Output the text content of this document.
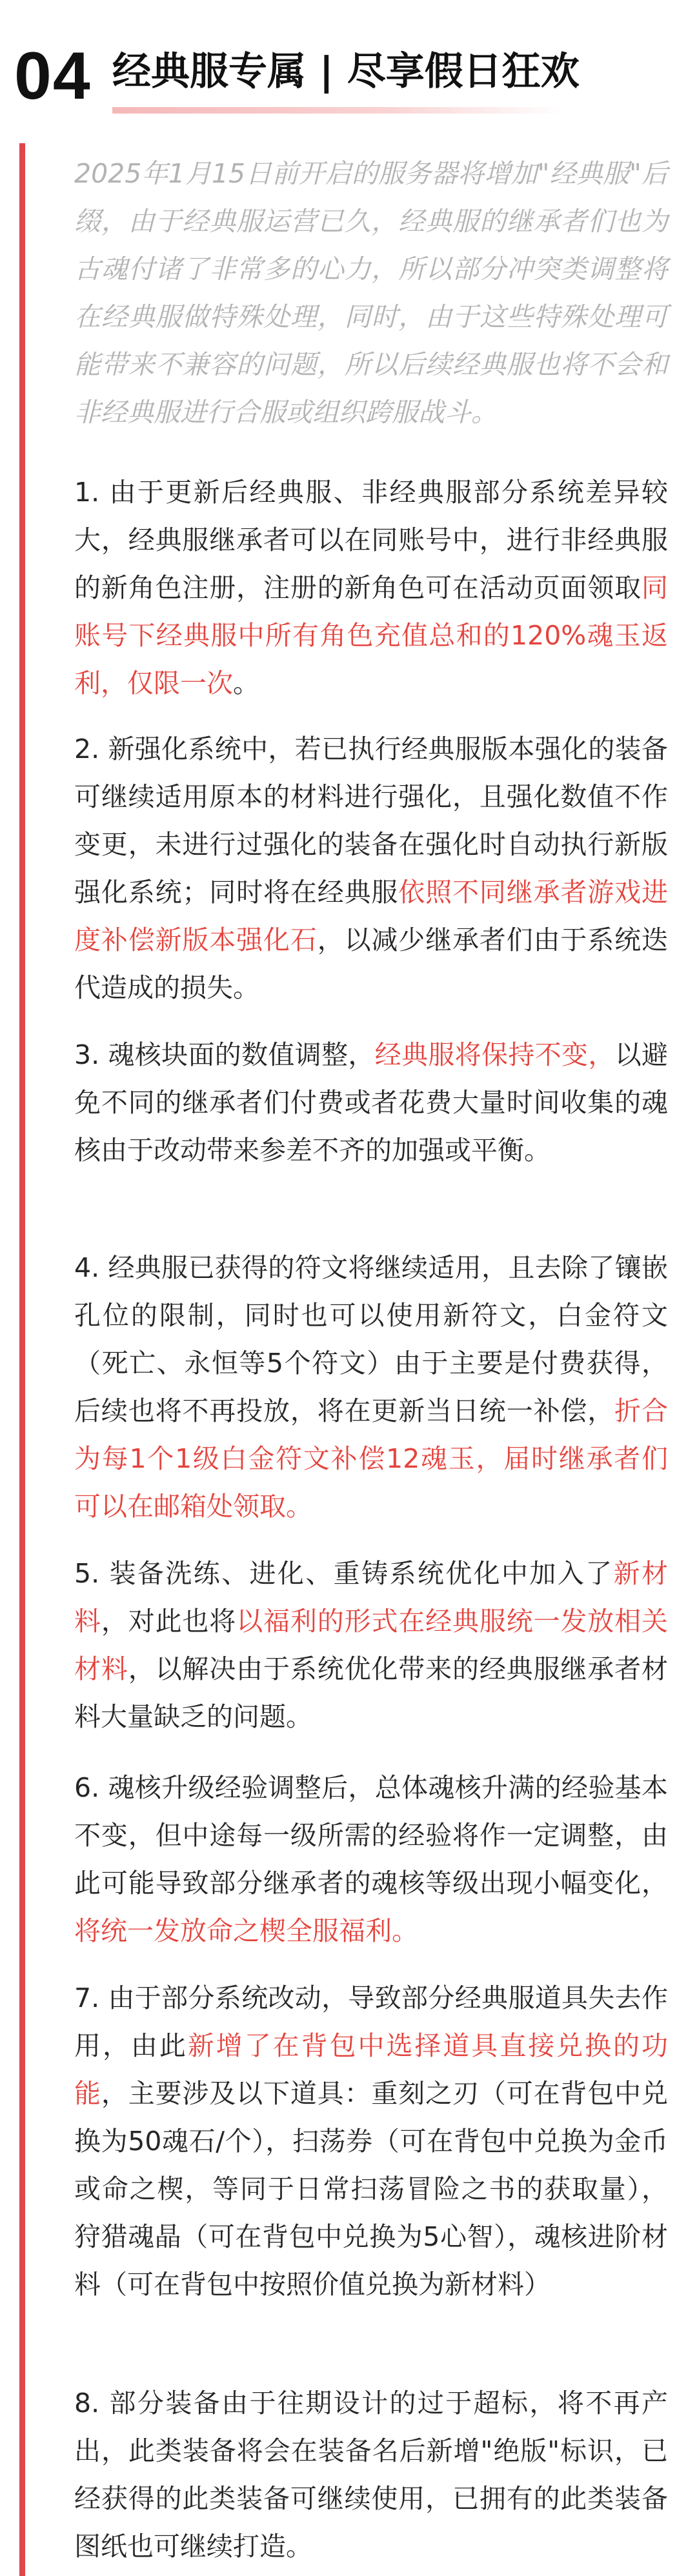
04 经典服专属 | 尽享假日狂欢

2025年1月15日前开启的服务器将增加"经典服"后缀，由于经典服运营已久，经典服的继承者们也为古魂付诸了非常多的心力，所以部分冲突类调整将在经典服做特殊处理，同时，由于这些特殊处理可能带来不兼容的问题，所以后续经典服也将不会和非经典服进行合服或组织跨服战斗。

1. 由于更新后经典服、非经典服部分系统差异较大，经典服继承者可以在同账号中，进行非经典服的新角色注册，注册的新角色可在活动页面领取同账号下经典服中所有角色充值总和的120%魂玉返利，仅限一次。

2. 新强化系统中，若已执行经典服版本强化的装备可继续适用原本的材料进行强化，且强化数值不作变更，未进行过强化的装备在强化时自动执行新版强化系统；同时将在经典服依照不同继承者游戏进度补偿新版本强化石，以减少继承者们由于系统迭代造成的损失。

3. 魂核块面的数值调整，经典服将保持不变，以避免不同的继承者们付费或者花费大量时间收集的魂核由于改动带来参差不齐的加强或平衡。

4. 经典服已获得的符文将继续适用，且去除了镶嵌孔位的限制，同时也可以使用新符文，白金符文（死亡、永恒等5个符文）由于主要是付费获得，后续也将不再投放，将在更新当日统一补偿，折合为每1个1级白金符文补偿12魂玉，届时继承者们可以在邮箱处领取。

5. 装备洗练、进化、重铸系统优化中加入了新材料，对此也将以福利的形式在经典服统一发放相关材料，以解决由于系统优化带来的经典服继承者材料大量缺乏的问题。

6. 魂核升级经验调整后，总体魂核升满的经验基本不变，但中途每一级所需的经验将作一定调整，由此可能导致部分继承者的魂核等级出现小幅变化，将统一发放命之楔全服福利。

7. 由于部分系统改动，导致部分经典服道具失去作用，由此新增了在背包中选择道具直接兑换的功能，主要涉及以下道具：重刻之刃（可在背包中兑换为50魂石/个），扫荡券（可在背包中兑换为金币或命之楔，等同于日常扫荡冒险之书的获取量），狩猎魂晶（可在背包中兑换为5心智），魂核进阶材料（可在背包中按照价值兑换为新材料）

8. 部分装备由于往期设计的过于超标，将不再产出，此类装备将会在装备名后新增"绝版"标识，已经获得的此类装备可继续使用，已拥有的此类装备图纸也可继续打造。
